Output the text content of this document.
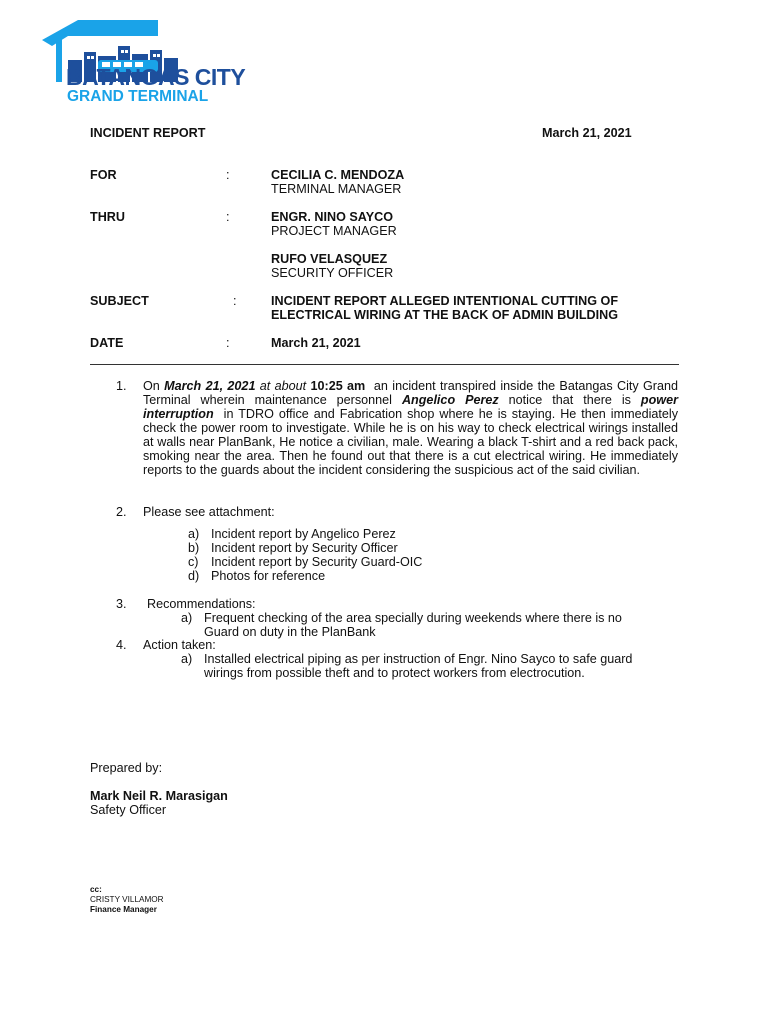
BATANGAS CITY
GRAND TERMINAL
INCIDENT REPORT	March 21, 2021
FOR	:	CECILIA C. MENDOZA
TERMINAL MANAGER
THRU	:	ENGR. NINO SAYCO
PROJECT MANAGER
RUFO VELASQUEZ
SECURITY OFFICER
SUBJECT	:	INCIDENT REPORT ALLEGED INTENTIONAL CUTTING OF
ELECTRICAL WIRING AT THE BACK OF ADMIN BUILDING
DATE	:	March 21, 2021
1. On March 21, 2021 at about 10:25 am an incident transpired inside the Batangas City Grand Terminal wherein maintenance personnel Angelico Perez notice that there is power interruption in TDRO office and Fabrication shop where he is staying. He then immediately check the power room to investigate. While he is on his way to check electrical wirings installed at walls near PlanBank, He notice a civilian, male. Wearing a black T-shirt and a red back pack, smoking near the area. Then he found out that there is a cut electrical wiring. He immediately reports to the guards about the incident considering the suspicious act of the said civilian.
2. Please see attachment:
a) Incident report by Angelico Perez
b) Incident report by Security Officer
c) Incident report by Security Guard-OIC
d) Photos for reference
3. Recommendations:
a) Frequent checking of the area specially during weekends where there is no
Guard on duty in the PlanBank
4. Action taken:
a) Installed electrical piping as per instruction of Engr. Nino Sayco to safe guard
wirings from possible theft and to protect workers from electrocution.
Prepared by:
Mark Neil R. Marasigan
Safety Officer
cc:
CRISTY VILLAMOR
Finance Manager
